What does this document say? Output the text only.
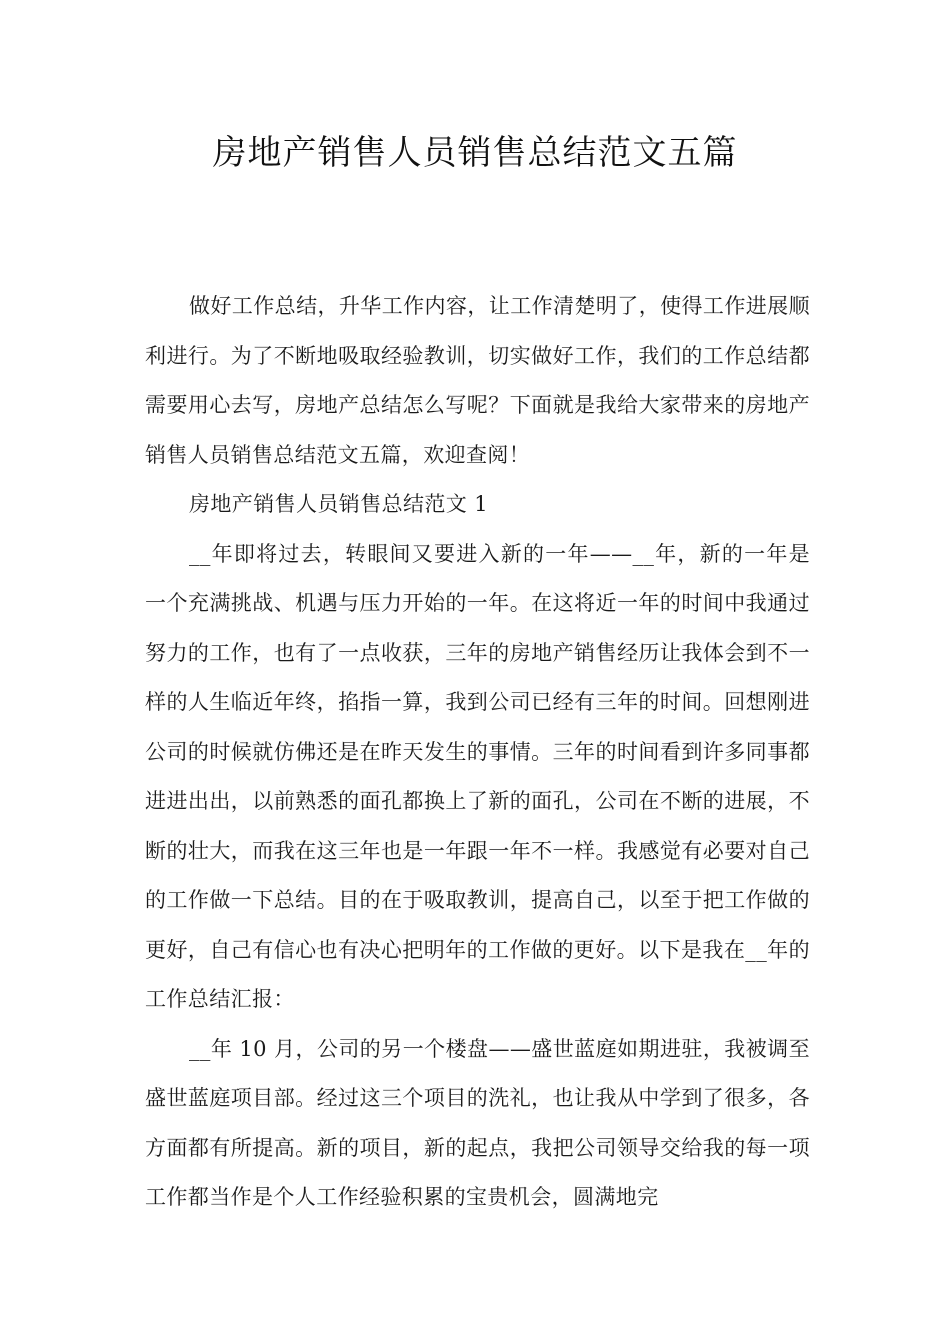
房地产销售人员销售总结范文五篇

做好工作总结，升华工作内容，让工作清楚明了，使得工作进展顺利进行。为了不断地吸取经验教训，切实做好工作，我们的工作总结都需要用心去写，房地产总结怎么写呢？下面就是我给大家带来的房地产销售人员销售总结范文五篇，欢迎查阅！

房地产销售人员销售总结范文 1

__年即将过去，转眼间又要进入新的一年——__年，新的一年是一个充满挑战、机遇与压力开始的一年。在这将近一年的时间中我通过努力的工作，也有了一点收获，三年的房地产销售经历让我体会到不一样的人生临近年终，掐指一算，我到公司已经有三年的时间。回想刚进公司的时候就仿佛还是在昨天发生的事情。三年的时间看到许多同事都进进出出，以前熟悉的面孔都换上了新的面孔，公司在不断的进展，不断的壮大，而我在这三年也是一年跟一年不一样。我感觉有必要对自己的工作做一下总结。目的在于吸取教训，提高自己，以至于把工作做的更好，自己有信心也有决心把明年的工作做的更好。以下是我在__年的工作总结汇报：

__年 10 月，公司的另一个楼盘——盛世蓝庭如期进驻，我被调至盛世蓝庭项目部。经过这三个项目的洗礼，也让我从中学到了很多，各方面都有所提高。新的项目，新的起点，我把公司领导交给我的每一项工作都当作是个人工作经验积累的宝贵机会，圆满地完
